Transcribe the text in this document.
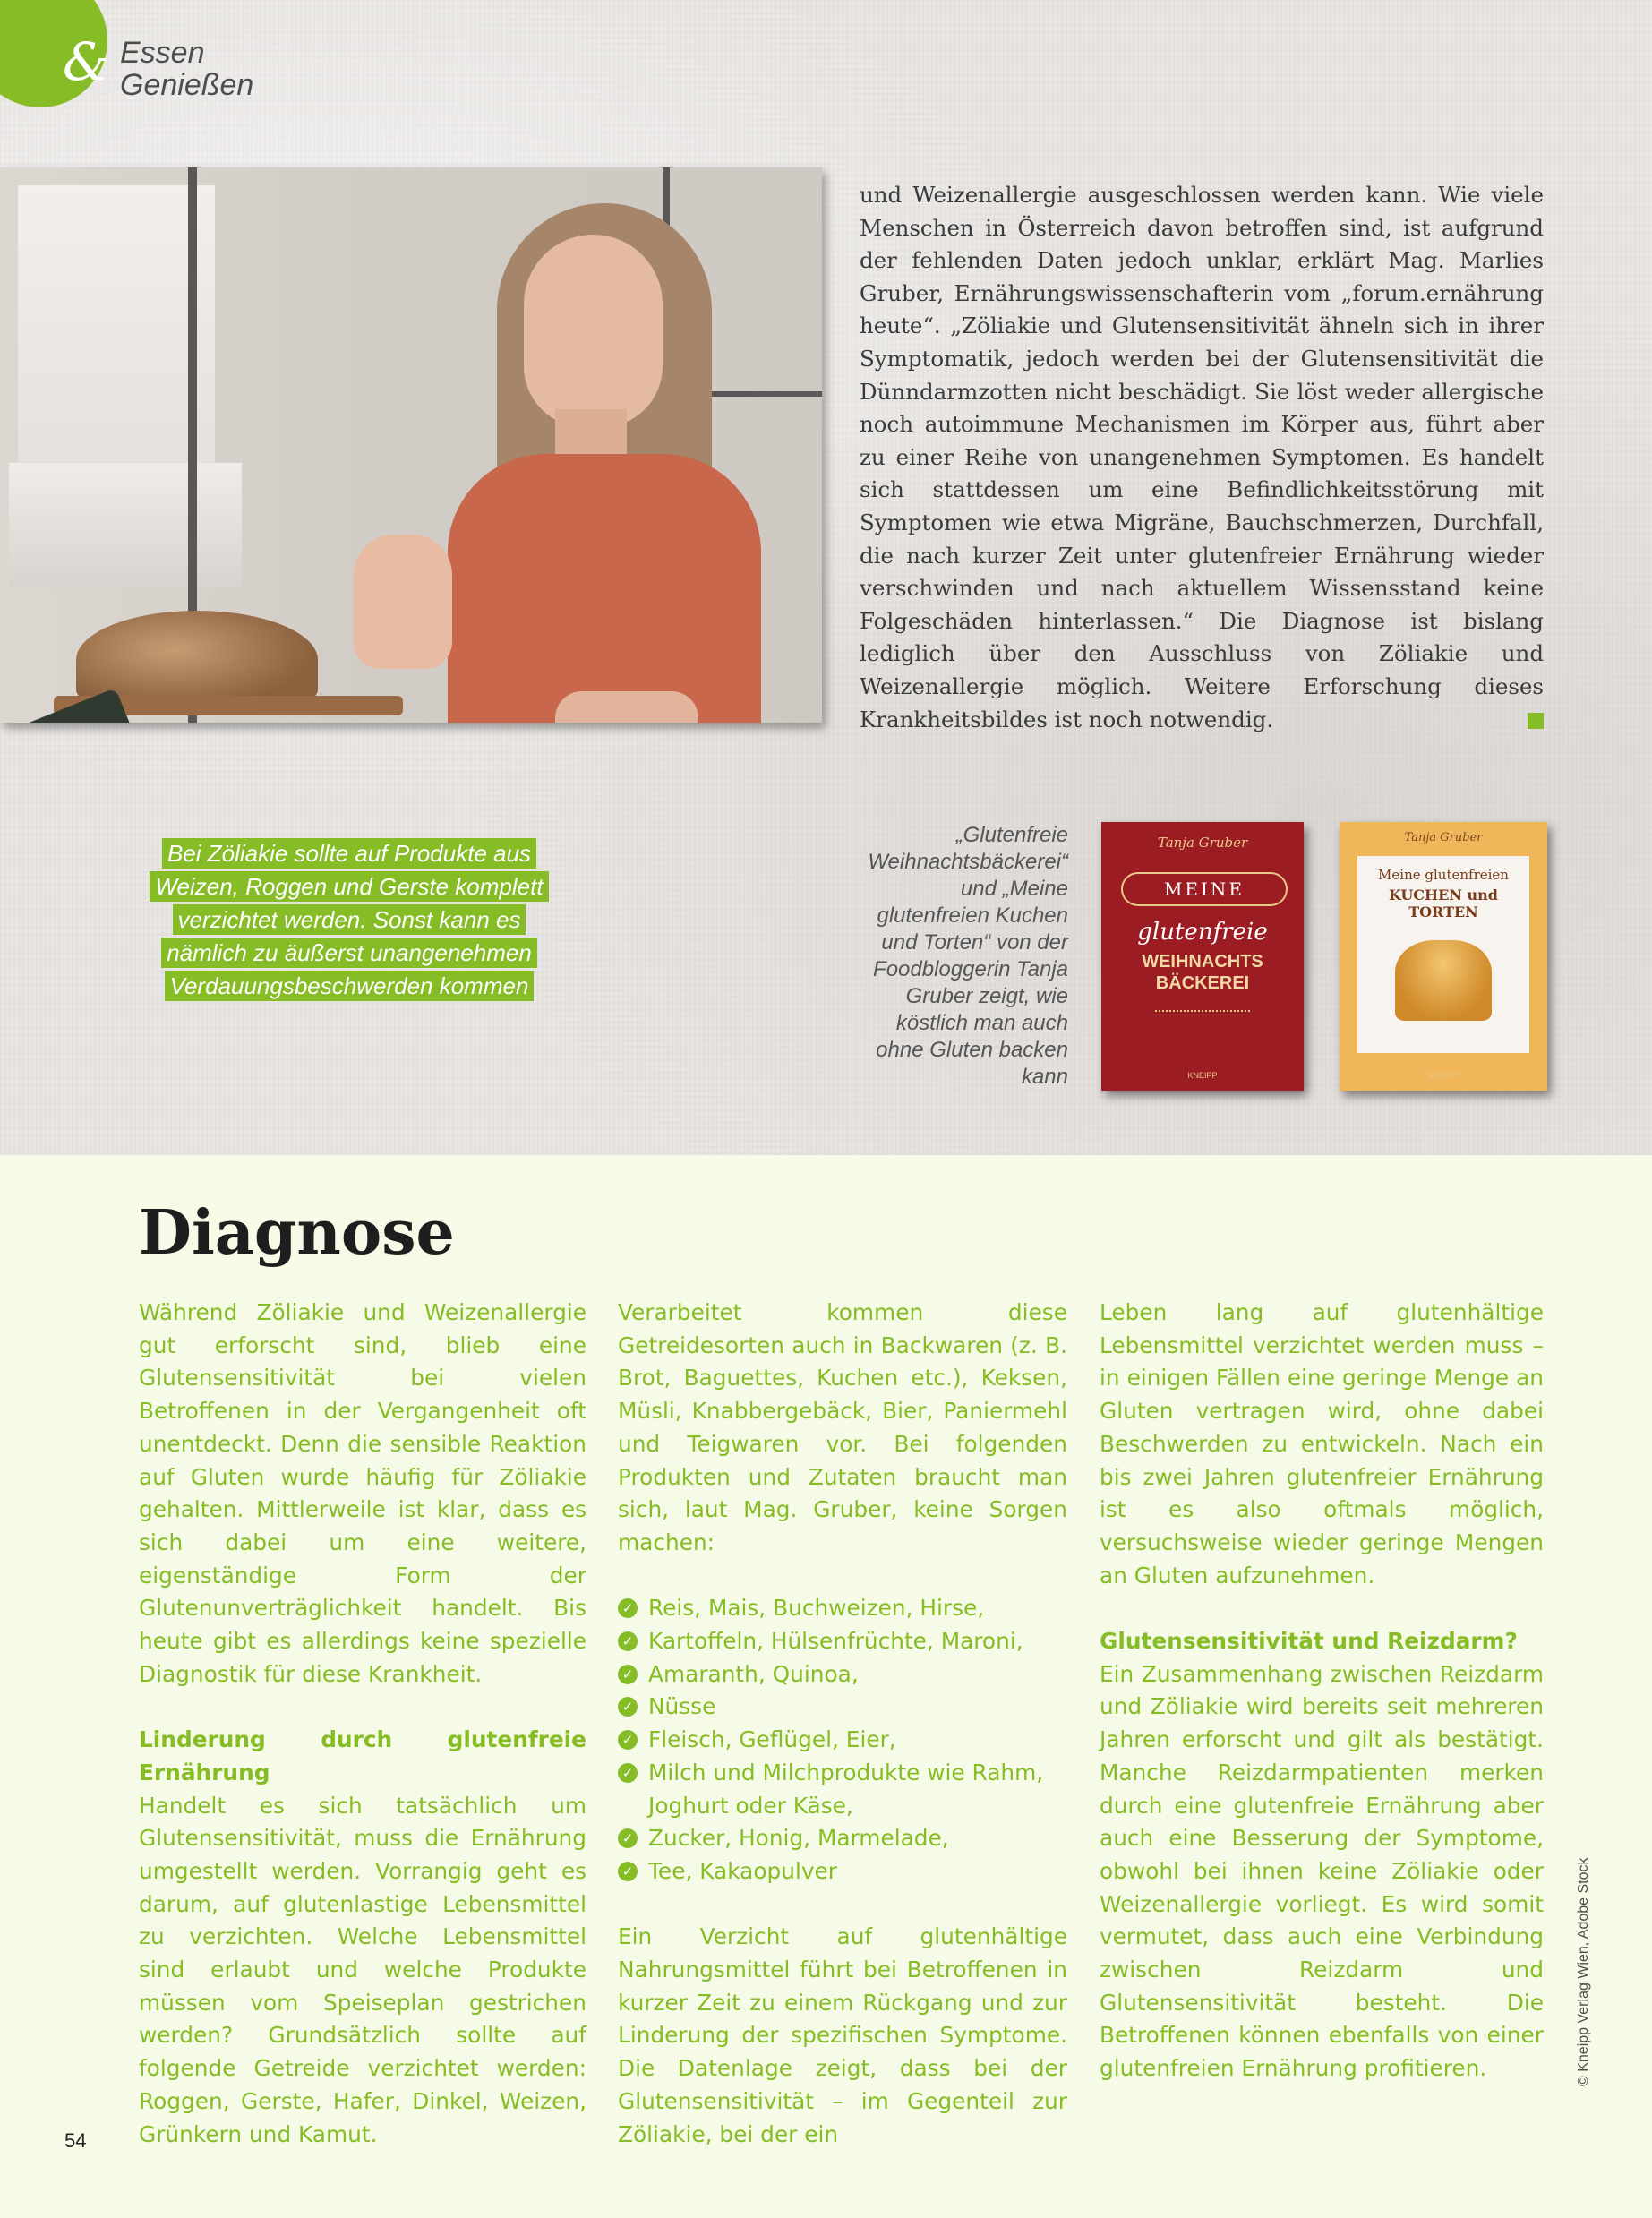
& Essen
Genießen
Bei Zöliakie sollte auf Produkte aus Weizen, Roggen und Gerste komplett verzichtet werden. Sonst kann es nämlich zu äußerst unangenehmen Verdauungsbeschwerden kommen
und Weizenallergie ausgeschlossen werden kann. Wie viele Menschen in Österreich davon betroffen sind, ist aufgrund der fehlenden Daten jedoch unklar, erklärt Mag. Marlies Gruber, Ernährungswissenschafterin vom „forum.ernährung heute“. „Zöliakie und Glutensensitivität ähneln sich in ihrer Symptomatik, jedoch werden bei der Glutensensitivität die Dünndarmzotten nicht beschädigt. Sie löst weder allergische noch autoimmune Mechanismen im Körper aus, führt aber zu einer Reihe von unangenehmen Symptomen. Es handelt sich stattdessen um eine Befindlichkeitsstörung mit Symptomen wie etwa Migräne, Bauchschmerzen, Durchfall, die nach kurzer Zeit unter glutenfreier Ernährung wieder verschwinden und nach aktuellem Wissensstand keine Folgeschäden hinterlassen.“ Die Diagnose ist bislang lediglich über den Ausschluss von Zöliakie und Weizenallergie möglich. Weitere Erforschung dieses Krankheitsbildes ist noch notwendig.
„Glutenfreie Weihnachtsbäckerei“ und „Meine glutenfreien Kuchen und Torten“ von der Foodbloggerin Tanja Gruber zeigt, wie köstlich man auch ohne Gluten backen kann
Tanja Gruber
MEINE
glutenfreie
WEIHNACHTS BÄCKEREI
KNEIPP
Tanja Gruber
Meine glutenfreien
KUCHEN und TORTEN
KNEIPP
Diagnose

Während Zöliakie und Weizenallergie gut erforscht sind, blieb eine Glutensensitivität bei vielen Betroffenen in der Vergangenheit oft unentdeckt. Denn die sensible Reaktion auf Gluten wurde häufig für Zöliakie gehalten. Mittlerweile ist klar, dass es sich dabei um eine weitere, eigenständige Form der Glutenunverträglichkeit handelt. Bis heute gibt es allerdings keine spezielle Diagnostik für diese Krankheit.

Linderung durch glutenfreie Ernährung

Handelt es sich tatsächlich um Glutensensitivität, muss die Ernährung umgestellt werden. Vorrangig geht es darum, auf glutenlastige Lebensmittel zu verzichten. Welche Lebensmittel sind erlaubt und welche Produkte müssen vom Speiseplan gestrichen werden? Grundsätzlich sollte auf folgende Getreide verzichtet werden: Roggen, Gerste, Hafer, Dinkel, Weizen, Grünkern und Kamut.

Verarbeitet kommen diese Getreidesorten auch in Backwaren (z. B. Brot, Baguettes, Kuchen etc.), Keksen, Müsli, Knabbergebäck, Bier, Paniermehl und Teigwaren vor. Bei folgenden Produkten und Zutaten braucht man sich, laut Mag. Gruber, keine Sorgen machen:

✓ Reis, Mais, Buchweizen, Hirse,
✓ Kartoffeln, Hülsenfrüchte, Maroni,
✓ Amaranth, Quinoa,
✓ Nüsse
✓ Fleisch, Geflügel, Eier,
✓ Milch und Milchprodukte wie Rahm, Joghurt oder Käse,
✓ Zucker, Honig, Marmelade,
✓ Tee, Kakaopulver

Ein Verzicht auf glutenhältige Nahrungsmittel führt bei Betroffenen in kurzer Zeit zu einem Rückgang und zur Linderung der spezifischen Symptome. Die Datenlage zeigt, dass bei der Glutensensitivität – im Gegenteil zur Zöliakie, bei der ein

Leben lang auf glutenhältige Lebensmittel verzichtet werden muss – in einigen Fällen eine geringe Menge an Gluten vertragen wird, ohne dabei Beschwerden zu entwickeln. Nach ein bis zwei Jahren glutenfreier Ernährung ist es also oftmals möglich, versuchsweise wieder geringe Mengen an Gluten aufzunehmen.

Glutensensitivität und Reizdarm?

Ein Zusammenhang zwischen Reizdarm und Zöliakie wird bereits seit mehreren Jahren erforscht und gilt als bestätigt. Manche Reizdarmpatienten merken durch eine glutenfreie Ernährung aber auch eine Besserung der Symptome, obwohl bei ihnen keine Zöliakie oder Weizenallergie vorliegt. Es wird somit vermutet, dass auch eine Verbindung zwischen Reizdarm und Glutensensitivität besteht. Die Betroffenen können ebenfalls von einer glutenfreien Ernährung profitieren.	© Kneipp Verlag Wien, Adobe Stock
54
